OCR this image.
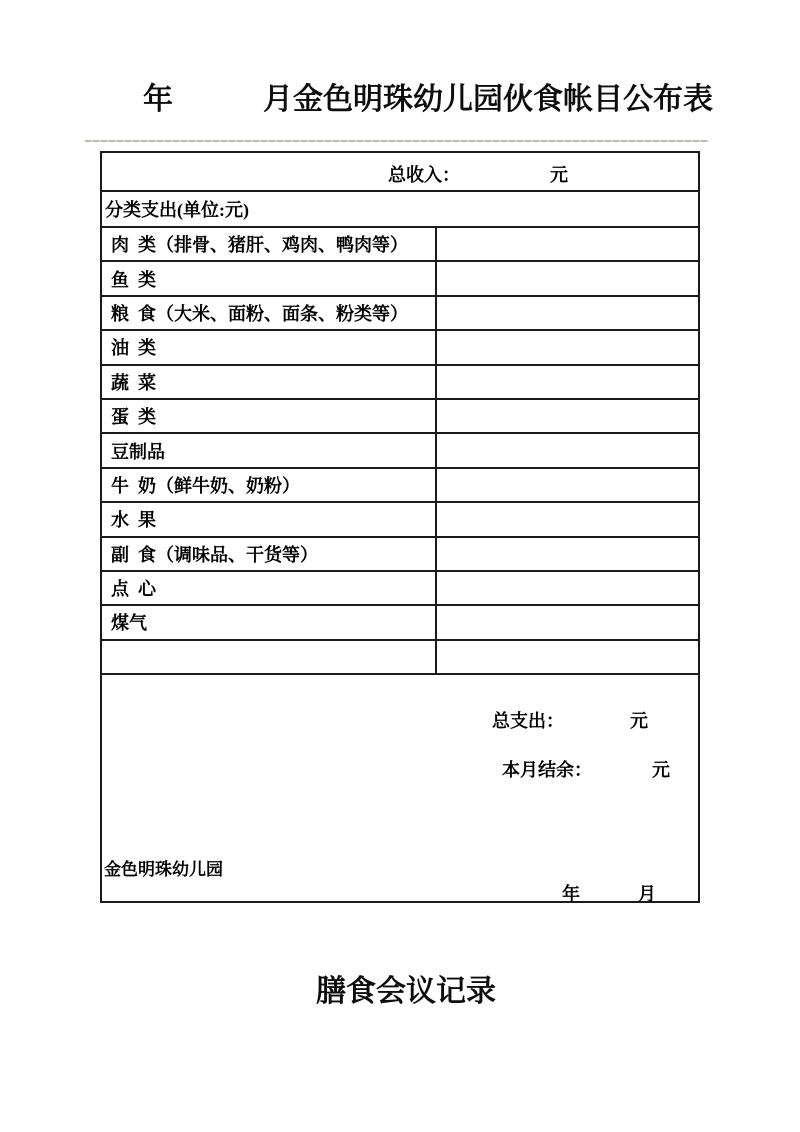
年	月金色明珠幼儿园伙食帐目公布表
总收入：	元
分类支出(单位:元)
肉  类（排骨、猪肝、鸡肉、鸭肉等）
鱼  类
粮  食（大米、面粉、面条、粉类等）
油  类
蔬  菜
蛋  类
豆制品
牛  奶（鲜牛奶、奶粉）
水  果
副  食（调味品、干货等）
点  心
煤气
总支出：	元
本月结余：	元
金色明珠幼儿园
年	月
膳食会议记录
